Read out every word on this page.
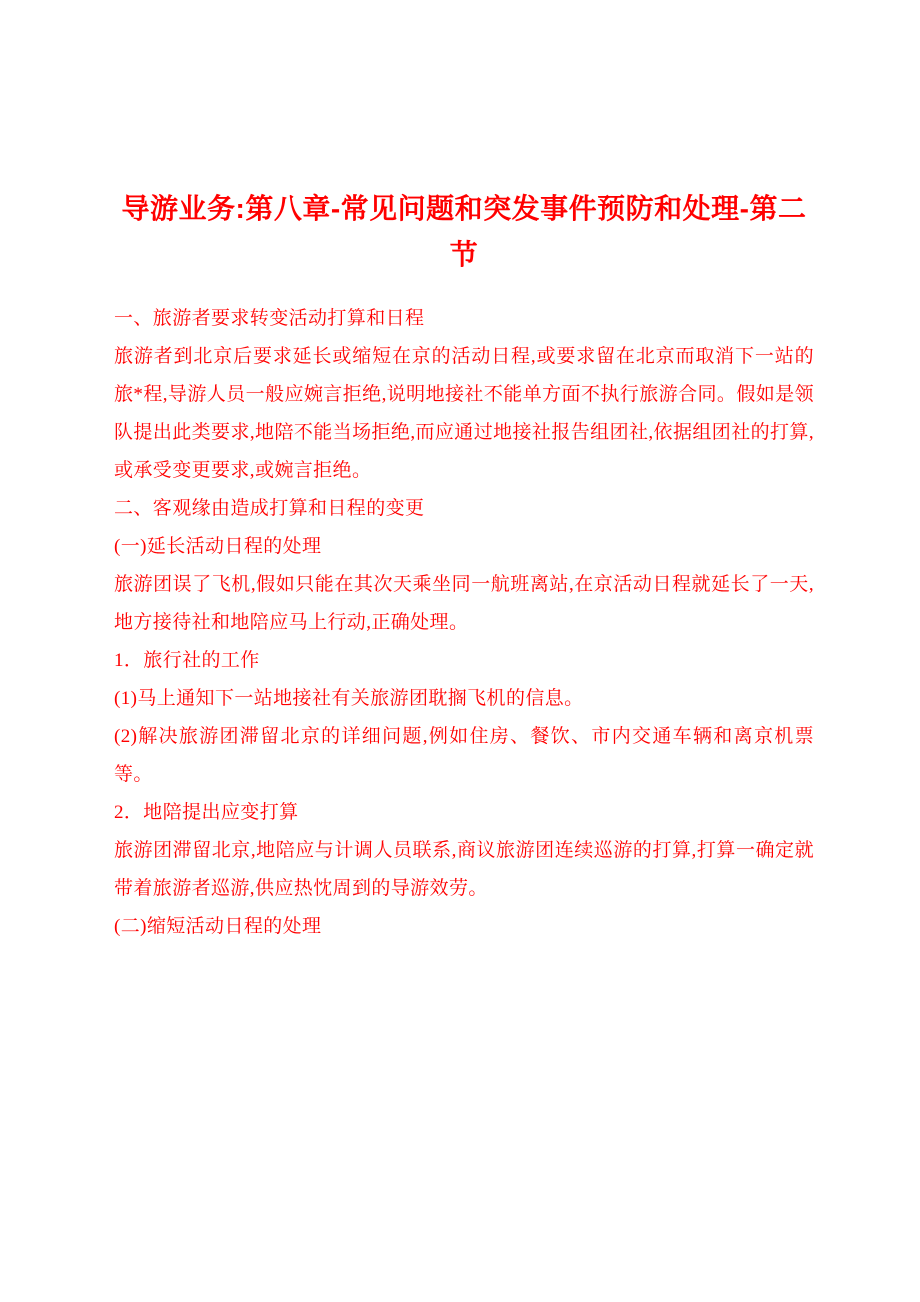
导游业务:第八章-常见问题和突发事件预防和处理-第二节

一、旅游者要求转变活动打算和日程

旅游者到北京后要求延长或缩短在京的活动日程,或要求留在北京而取消下一站的旅*程,导游人员一般应婉言拒绝,说明地接社不能单方面不执行旅游合同。假如是领队提出此类要求,地陪不能当场拒绝,而应通过地接社报告组团社,依据组团社的打算,或承受变更要求,或婉言拒绝。

二、客观缘由造成打算和日程的变更

(一)延长活动日程的处理

旅游团误了飞机,假如只能在其次天乘坐同一航班离站,在京活动日程就延长了一天,地方接待社和地陪应马上行动,正确处理。

1．旅行社的工作

(1)马上通知下一站地接社有关旅游团耽搁飞机的信息。

(2)解决旅游团滞留北京的详细问题,例如住房、餐饮、市内交通车辆和离京机票等。

2．地陪提出应变打算

旅游团滞留北京,地陪应与计调人员联系,商议旅游团连续巡游的打算,打算一确定就带着旅游者巡游,供应热忱周到的导游效劳。

(二)缩短活动日程的处理
